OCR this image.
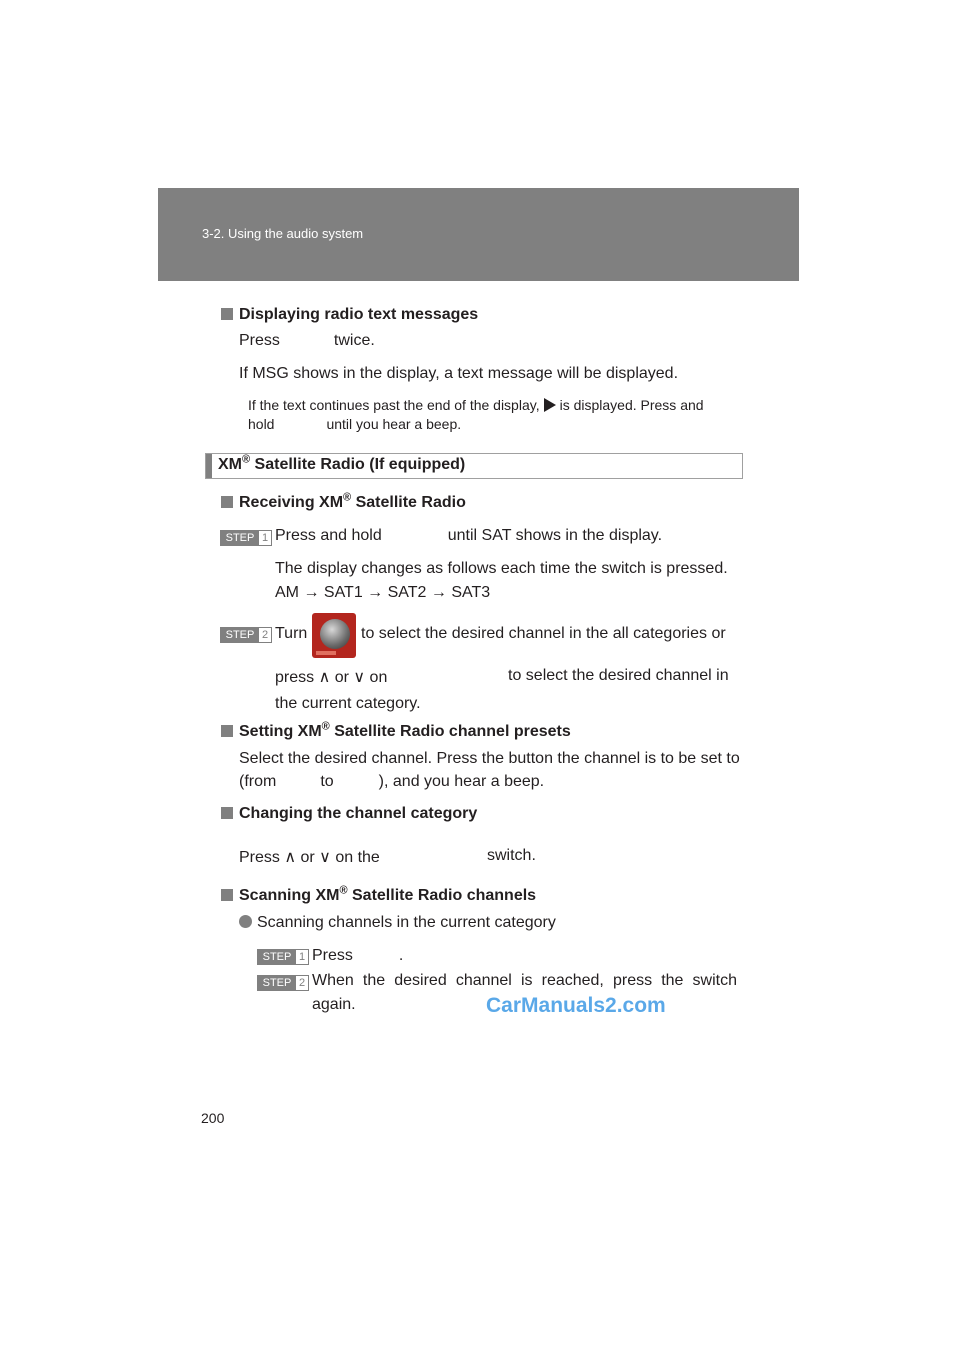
3-2. Using the audio system
Displaying radio text messages
Press	twice.
If MSG shows in the display, a text message will be displayed.
If the text continues past the end of the display, is displayed. Press and
hold	until you hear a beep.
XM® Satellite Radio (If equipped)
Receiving XM® Satellite Radio
STEP 1 Press and hold	until SAT shows in the display.
The display changes as follows each time the switch is pressed.
AM → SAT1 → SAT2 → SAT3
STEP 2 Turn	to select the desired channel in the all categories or
press ∧ or ∨ on	to select the desired channel in
the current category.
Setting XM® Satellite Radio channel presets
Select the desired channel. Press the button the channel is to be set to
(from	to	), and you hear a beep.
Changing the channel category
Press ∧ or ∨ on the	switch.
Scanning XM® Satellite Radio channels
Scanning channels in the current category
STEP 1 Press	.
STEP 2 When the desired channel is reached, press the switch
again.	CarManuals2.com
200
